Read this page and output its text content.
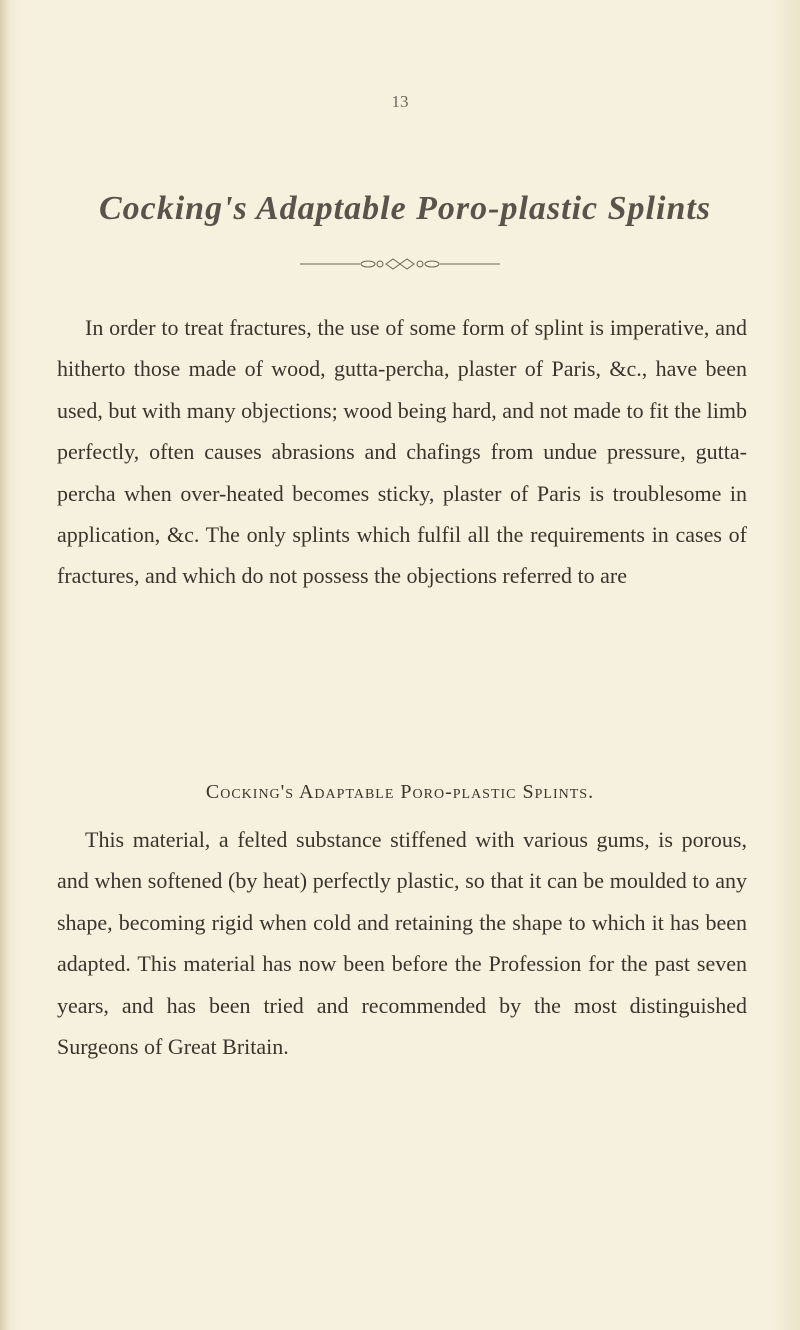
13
Cocking's Adaptable Poro-plastic Splints

In order to treat fractures, the use of some form of splint is imperative, and hitherto those made of wood, gutta-percha, plaster of Paris, &c., have been used, but with many objections; wood being hard, and not made to fit the limb perfectly, often causes abrasions and chafings from undue pressure, gutta-percha when over-heated becomes sticky, plaster of Paris is troublesome in application, &c. The only splints which fulfil all the requirements in cases of fractures, and which do not possess the objections referred to are

Cocking's Adaptable Poro-plastic Splints.

This material, a felted substance stiffened with various gums, is porous, and when softened (by heat) perfectly plastic, so that it can be moulded to any shape, becoming rigid when cold and retaining the shape to which it has been adapted. This material has now been before the Profession for the past seven years, and has been tried and recommended by the most distinguished Surgeons of Great Britain.
